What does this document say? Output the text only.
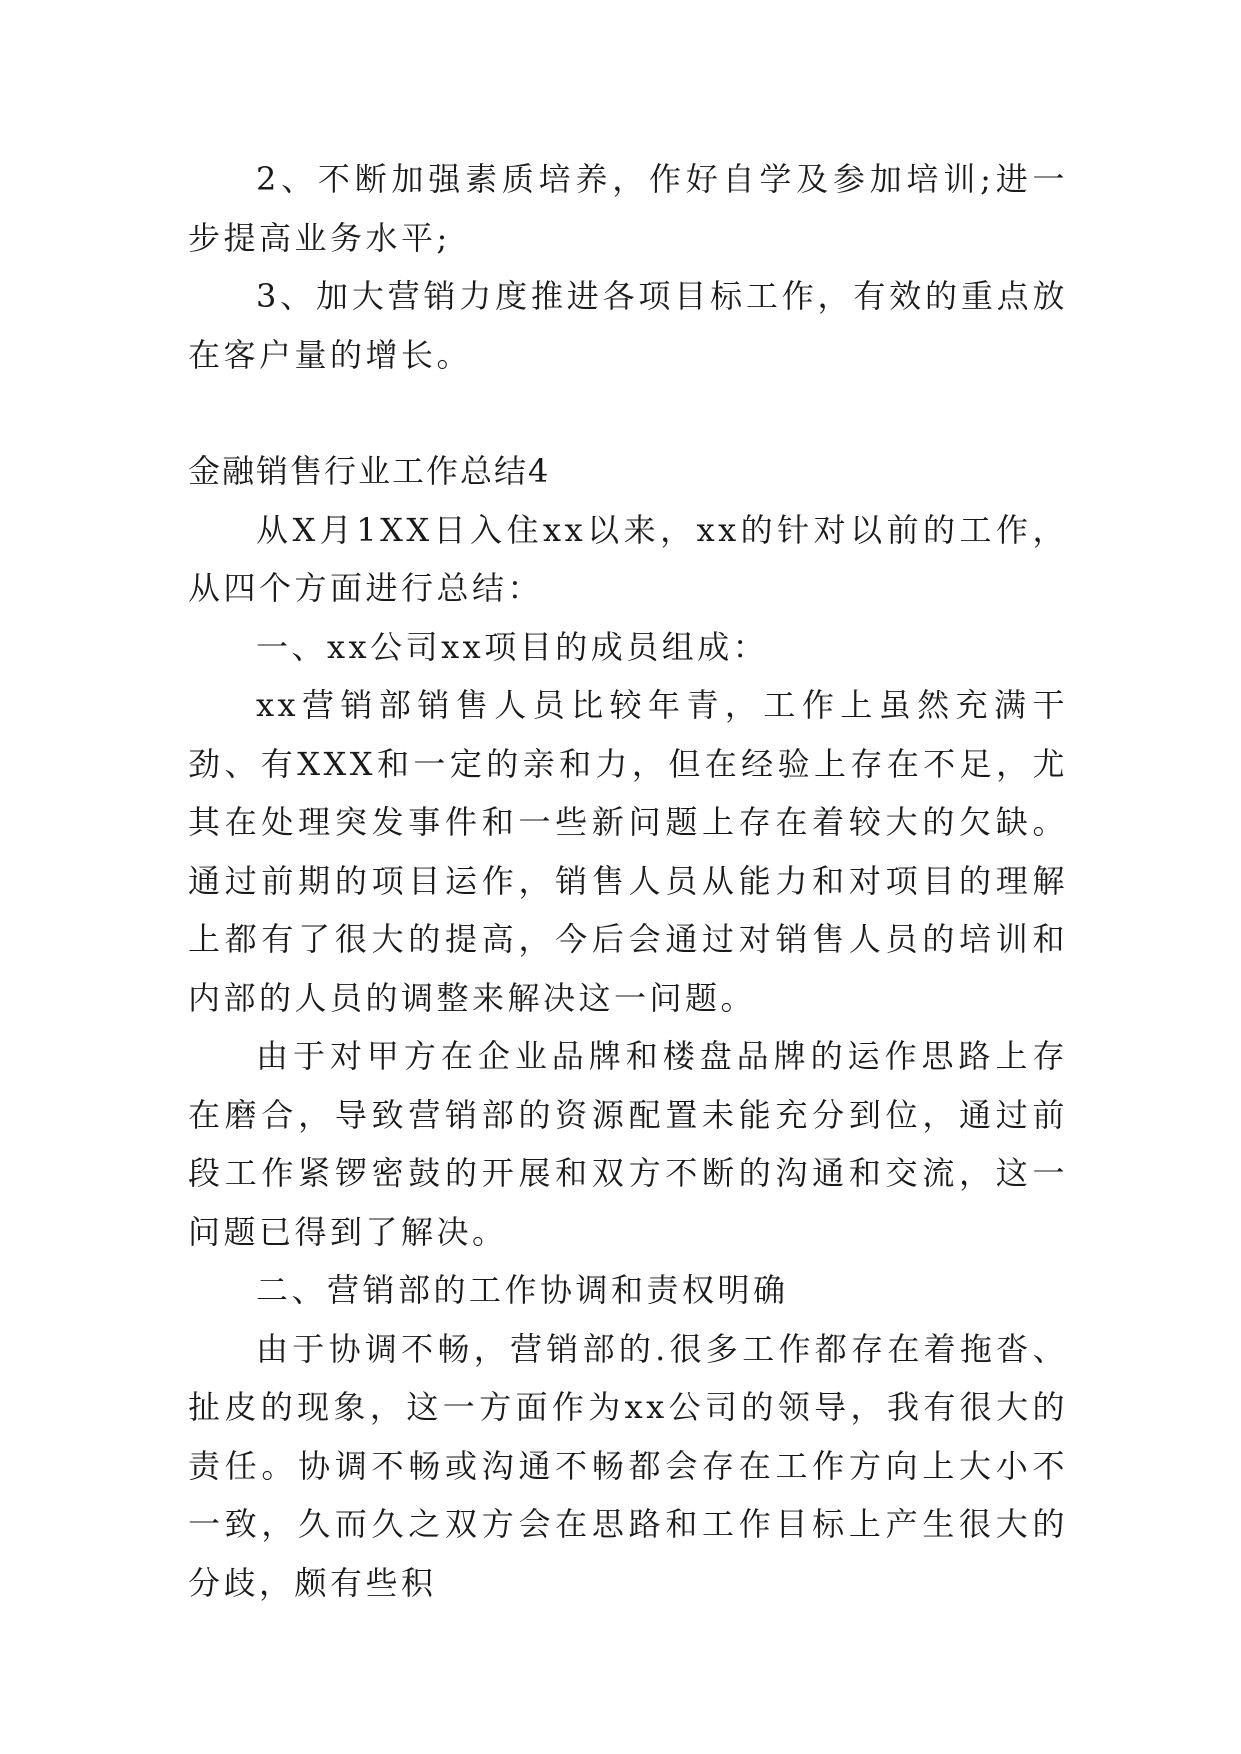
2、不断加强素质培养，作好自学及参加培训;进一步提高业务水平;

3、加大营销力度推进各项目标工作，有效的重点放在客户量的增长。

金融销售行业工作总结4

从X月1XX日入住xx以来，xx的针对以前的工作，从四个方面进行总结：

一、xx公司xx项目的成员组成：

xx营销部销售人员比较年青，工作上虽然充满干劲、有XXX和一定的亲和力，但在经验上存在不足，尤其在处理突发事件和一些新问题上存在着较大的欠缺。通过前期的项目运作，销售人员从能力和对项目的理解上都有了很大的提高，今后会通过对销售人员的培训和内部的人员的调整来解决这一问题。

由于对甲方在企业品牌和楼盘品牌的运作思路上存在磨合，导致营销部的资源配置未能充分到位，通过前段工作紧锣密鼓的开展和双方不断的沟通和交流，这一问题已得到了解决。

二、营销部的工作协调和责权明确

由于协调不畅，营销部的.很多工作都存在着拖沓、扯皮的现象，这一方面作为xx公司的领导，我有很大的责任。协调不畅或沟通不畅都会存在工作方向上大小不一致，久而久之双方会在思路和工作目标上产生很大的分歧，颇有些积
